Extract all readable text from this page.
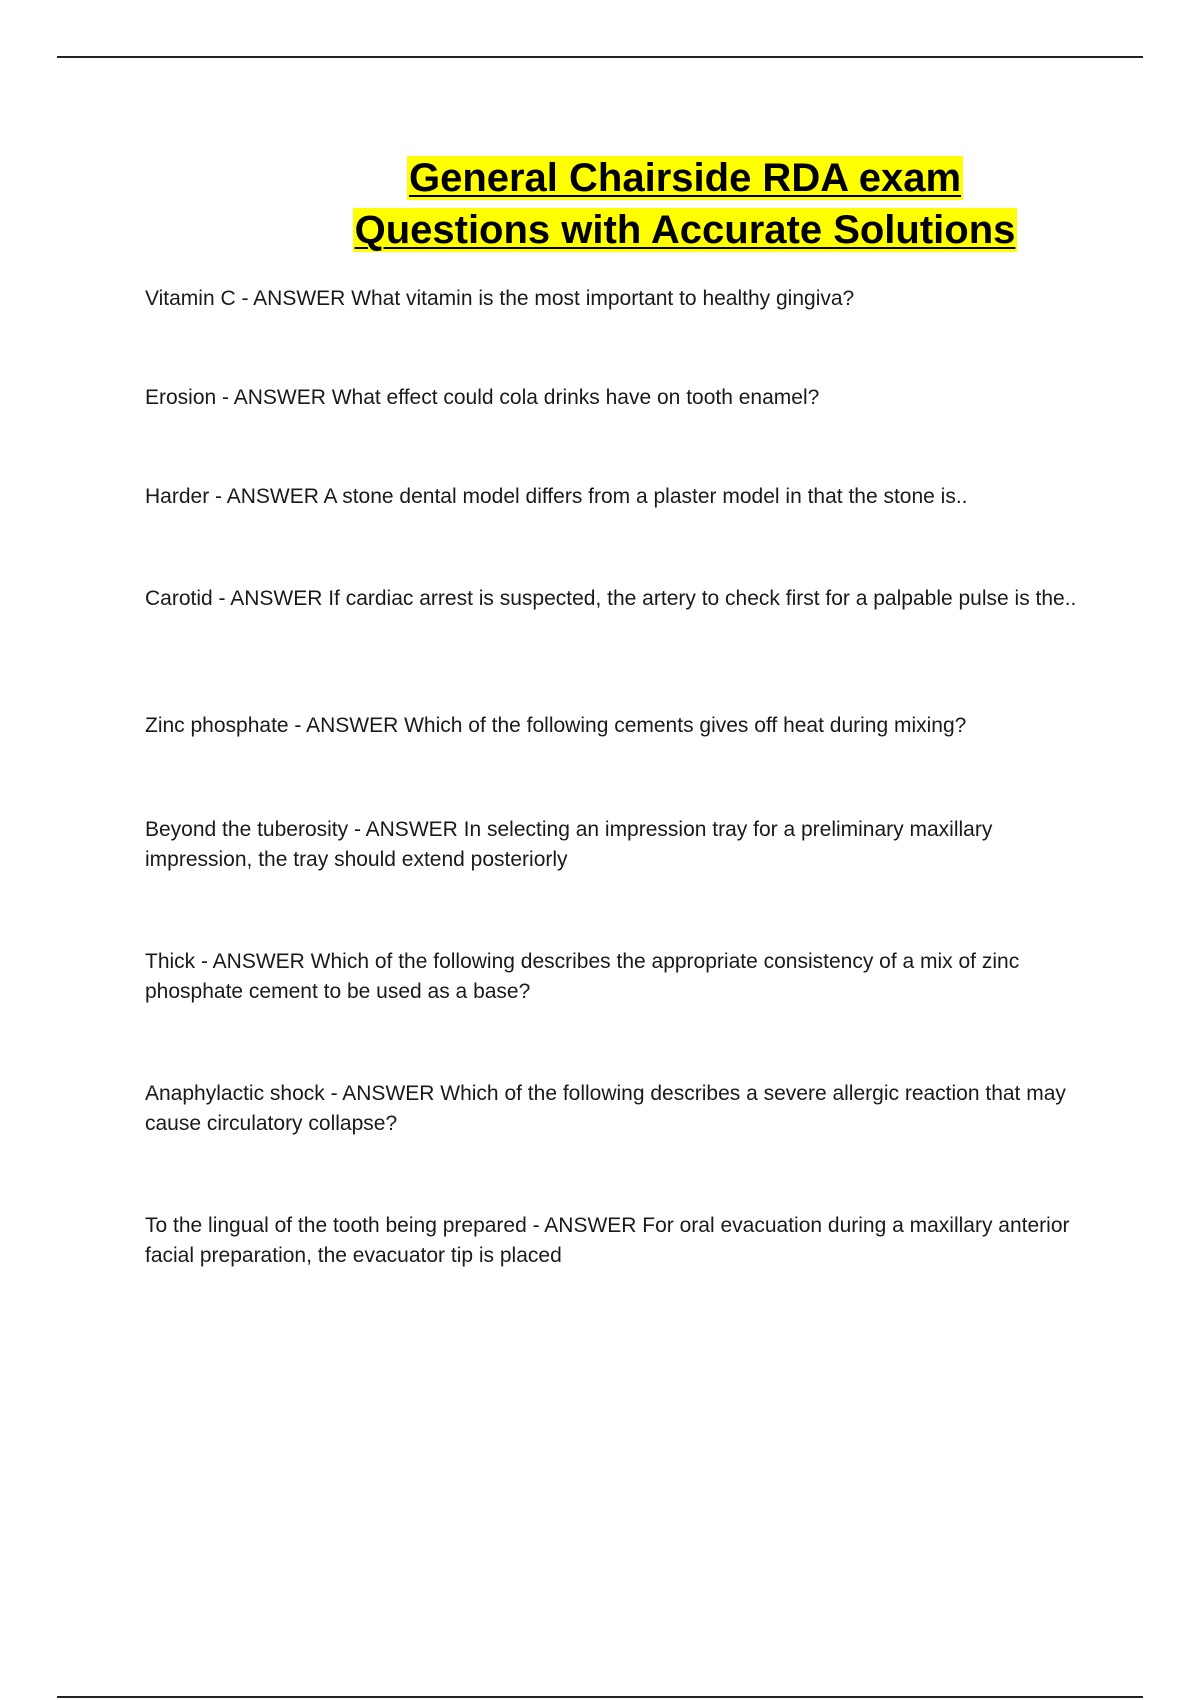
General Chairside RDA exam
Questions with Accurate Solutions

Vitamin C - ANSWER What vitamin is the most important to healthy gingiva?

Erosion - ANSWER What effect could cola drinks have on tooth enamel?

Harder - ANSWER A stone dental model differs from a plaster model in that the stone is..

Carotid - ANSWER If cardiac arrest is suspected, the artery to check first for a palpable pulse is the..

Zinc phosphate - ANSWER Which of the following cements gives off heat during mixing?

Beyond the tuberosity - ANSWER In selecting an impression tray for a preliminary maxillary impression, the tray should extend posteriorly

Thick - ANSWER Which of the following describes the appropriate consistency of a mix of zinc phosphate cement to be used as a base?

Anaphylactic shock - ANSWER Which of the following describes a severe allergic reaction that may cause circulatory collapse?

To the lingual of the tooth being prepared - ANSWER For oral evacuation during a maxillary anterior facial preparation, the evacuator tip is placed
